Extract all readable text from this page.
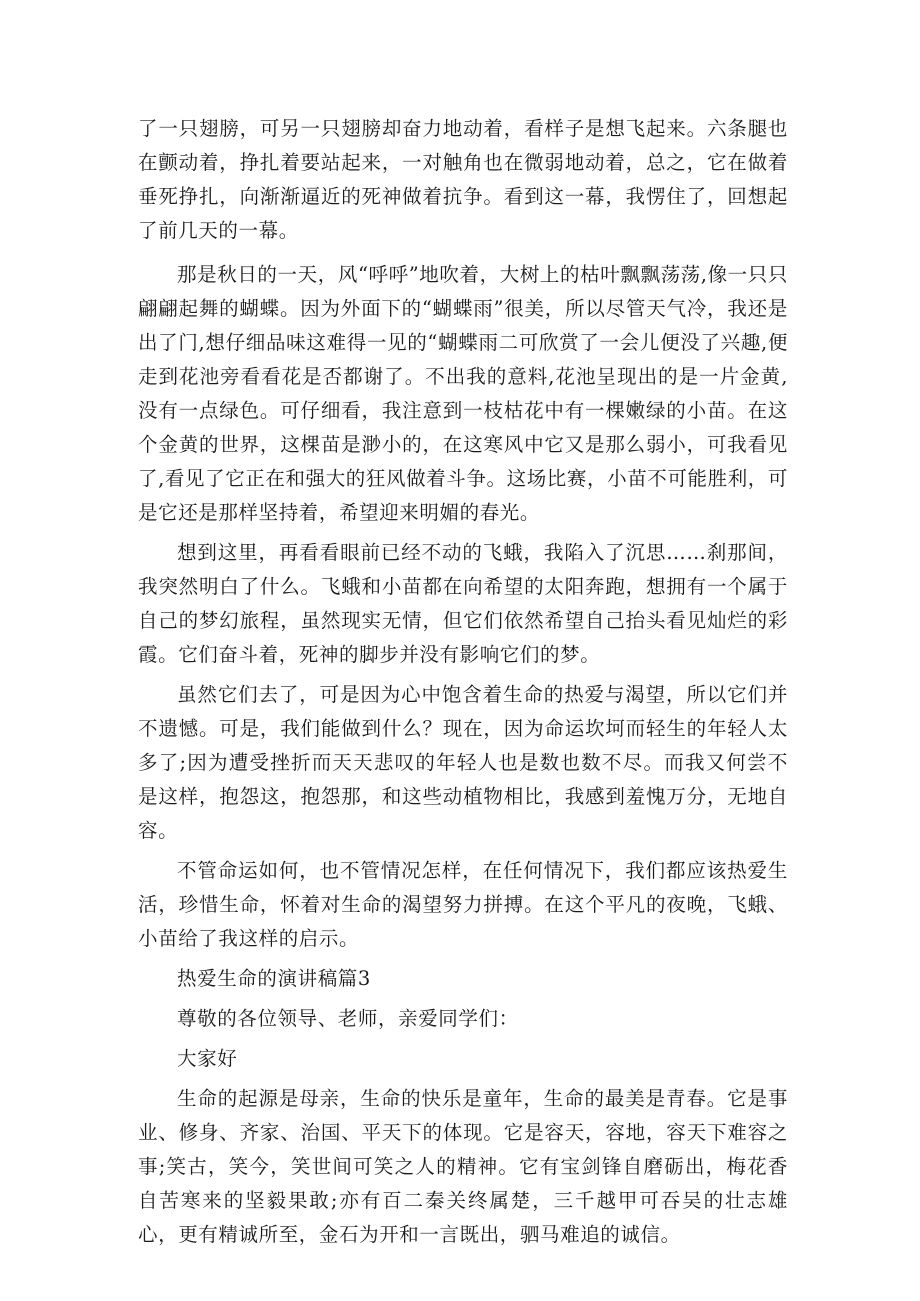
了一只翅膀，可另一只翅膀却奋力地动着，看样子是想飞起来。六条腿也在颤动着，挣扎着要站起来，一对触角也在微弱地动着，总之，它在做着垂死挣扎，向渐渐逼近的死神做着抗争。看到这一幕，我愣住了，回想起了前几天的一幕。

那是秋日的一天，风“呼呼”地吹着，大树上的枯叶飘飘荡荡,像一只只翩翩起舞的蝴蝶。因为外面下的“蝴蝶雨”很美，所以尽管天气冷，我还是出了门,想仔细品味这难得一见的“蝴蝶雨二可欣赏了一会儿便没了兴趣,便走到花池旁看看花是否都谢了。不出我的意料,花池呈现出的是一片金黄,没有一点绿色。可仔细看，我注意到一枝枯花中有一棵嫩绿的小苗。在这个金黄的世界，这棵苗是渺小的，在这寒风中它又是那么弱小，可我看见了,看见了它正在和强大的狂风做着斗争。这场比赛，小苗不可能胜利，可是它还是那样坚持着，希望迎来明媚的春光。

想到这里，再看看眼前已经不动的飞蛾，我陷入了沉思……刹那间，我突然明白了什么。飞蛾和小苗都在向希望的太阳奔跑，想拥有一个属于自己的梦幻旅程，虽然现实无情，但它们依然希望自己抬头看见灿烂的彩霞。它们奋斗着，死神的脚步并没有影响它们的梦。

虽然它们去了，可是因为心中饱含着生命的热爱与渴望，所以它们并不遗憾。可是，我们能做到什么？现在，因为命运坎坷而轻生的年轻人太多了;因为遭受挫折而天天悲叹的年轻人也是数也数不尽。而我又何尝不是这样，抱怨这，抱怨那，和这些动植物相比，我感到羞愧万分，无地自容。

不管命运如何，也不管情况怎样，在任何情况下，我们都应该热爱生活，珍惜生命，怀着对生命的渴望努力拼搏。在这个平凡的夜晚，飞蛾、小苗给了我这样的启示。

热爱生命的演讲稿篇3

尊敬的各位领导、老师，亲爱同学们：

大家好

生命的起源是母亲，生命的快乐是童年，生命的最美是青春。它是事业、修身、齐家、治国、平天下的体现。它是容天，容地，容天下难容之事;笑古，笑今，笑世间可笑之人的精神。它有宝剑锋自磨砺出，梅花香自苦寒来的坚毅果敢;亦有百二秦关终属楚，三千越甲可吞吴的壮志雄心，更有精诚所至，金石为开和一言既出，驷马难追的诚信。
